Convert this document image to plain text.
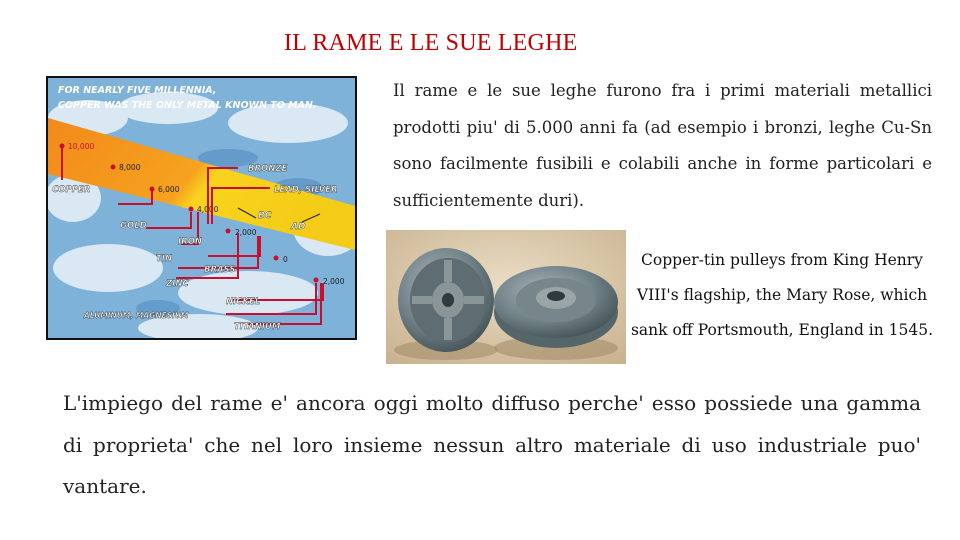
IL RAME E LE SUE LEGHE
FOR NEARLY FIVE MILLENNIA,
COPPER WAS THE ONLY METAL KNOWN TO MAN.
10,000
8,000
6,000
4,000
2,000
0
2,000
BRONZE
LEAD, SILVER
COPPER
GOLD
IRON
TIN
BRASS
ZINC
NICKEL
ALUMINUM, MAGNESIUM
TITANIUM
BC
AD

Il rame e le sue leghe furono fra i primi materiali metallici prodotti piu' di 5.000 anni fa (ad esempio i bronzi, leghe Cu-Sn sono facilmente fusibili e colabili anche in forme particolari e sufficientemente duri).

Copper-tin pulleys from King Henry VIII's flagship, the Mary Rose, which sank off Portsmouth, England in 1545.

L'impiego del rame e' ancora oggi molto diffuso perche' esso possiede una gamma di proprieta' che nel loro insieme nessun altro materiale di uso industriale puo' vantare.
